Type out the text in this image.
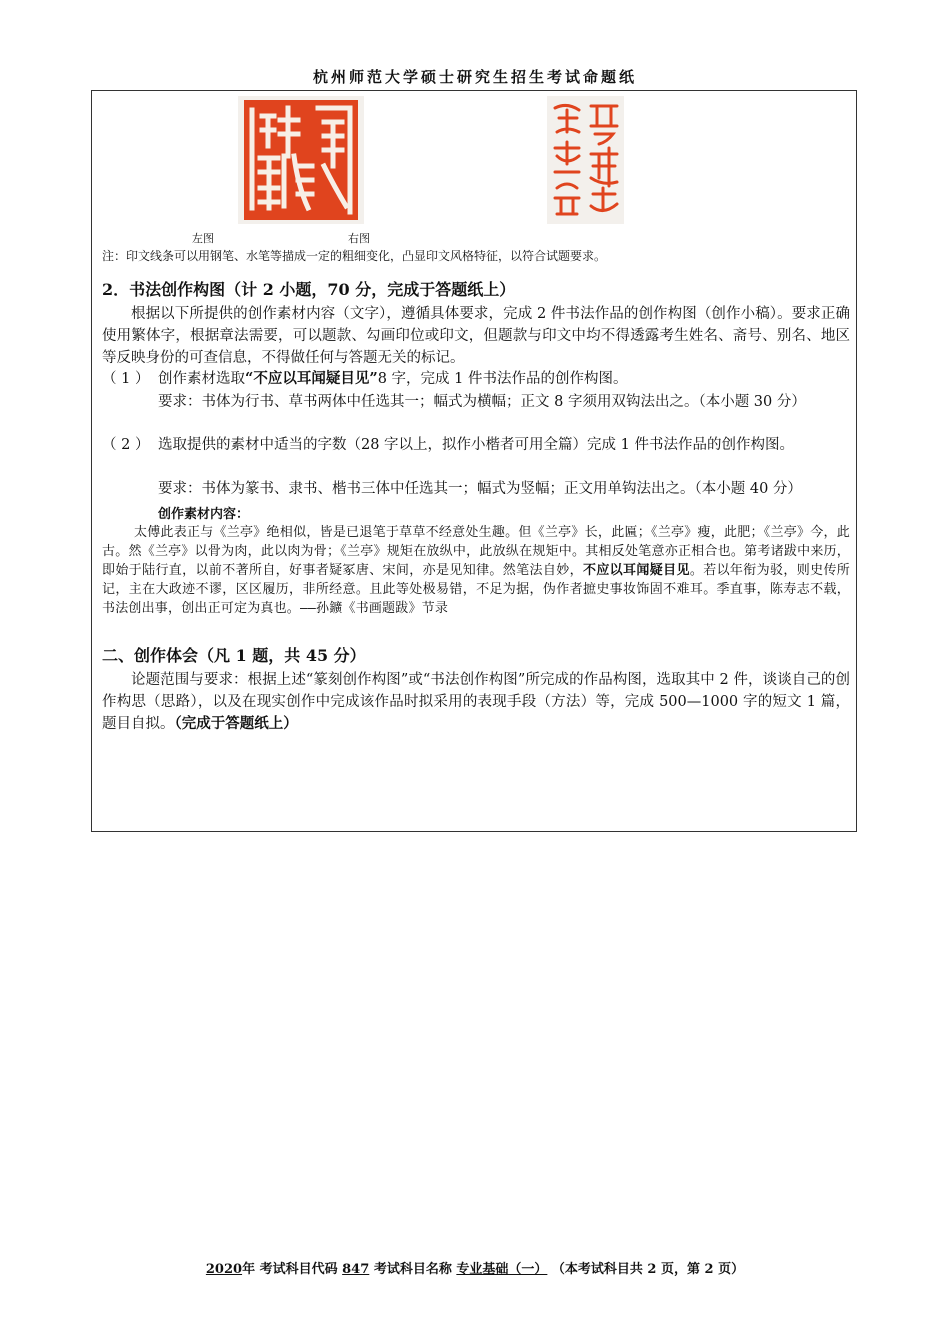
杭州师范大学硕士研究生招生考试命题纸
左图	右图
注：印文线条可以用钢笔、水笔等描成一定的粗细变化，凸显印文风格特征，以符合试题要求。
2．书法创作构图（计 2 小题，70 分，完成于答题纸上）
根据以下所提供的创作素材内容（文字），遵循具体要求，完成 2 件书法作品的创作构图（创作小稿）。要求正确使用繁体字，根据章法需要，可以题款、勾画印位或印文，但题款与印文中均不得透露考生姓名、斋号、别名、地区等反映身份的可查信息，不得做任何与答题无关的标记。
（ 1 ） 创作素材选取“不应以耳闻疑目见”8 字，完成 1 件书法作品的创作构图。
要求：书体为行书、草书两体中任选其一；幅式为横幅；正文 8 字须用双钩法出之。（本小题 30 分）
（ 2 ） 选取提供的素材中适当的字数（28 字以上，拟作小楷者可用全篇）完成 1 件书法作品的创作构图。
要求：书体为篆书、隶书、楷书三体中任选其一；幅式为竖幅；正文用单钩法出之。（本小题 40 分）
创作素材内容：
太傅此表正与《兰亭》绝相似，皆是已退笔于草草不经意处生趣。但《兰亭》长，此匾；《兰亭》瘦，此肥；《兰亭》今，此古。然《兰亭》以骨为肉，此以肉为骨；《兰亭》规矩在放纵中，此放纵在规矩中。其相反处笔意亦正相合也。第考诸跋中来历，即始于陆行直，以前不著所自，好事者疑冢唐、宋间，亦是见知律。然笔法自妙，不应以耳闻疑目见。若以年衔为驳，则史传所记，主在大政迹不谬，区区履历，非所经意。且此等处极易错，不足为据，伪作者摭史事妆饰固不难耳。季直事，陈寿志不载，书法创出事，创出正可定为真也。——孙鑛《书画题跋》节录
二、创作体会（凡 1 题，共 45 分）
论题范围与要求：根据上述“篆刻创作构图”或“书法创作构图”所完成的作品构图，选取其中 2 件，谈谈自己的创作构思（思路），以及在现实创作中完成该作品时拟采用的表现手段（方法）等，完成 500—1000 字的短文 1 篇，题目自拟。（完成于答题纸上）
2020年 考试科目代码 847 考试科目名称 专业基础（一） （本考试科目共 2 页，第 2 页）
